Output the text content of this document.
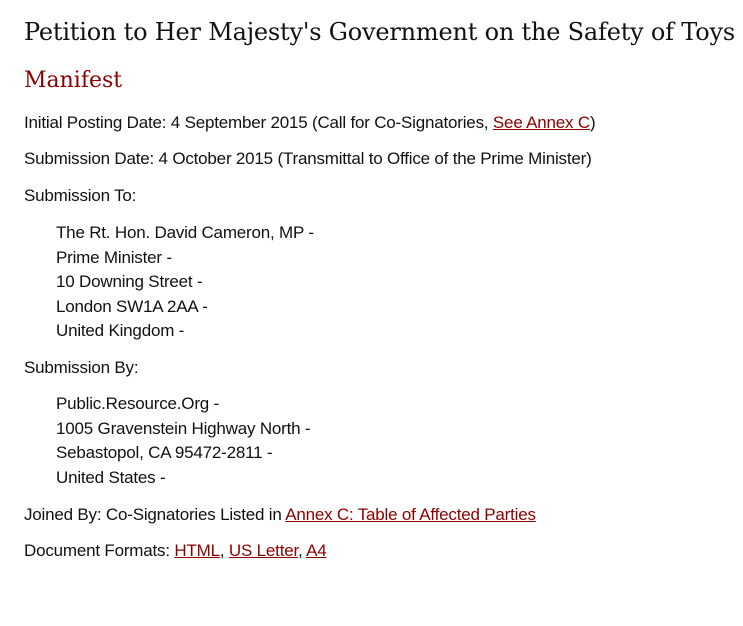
Petition to Her Majesty's Government on the Safety of Toys
Manifest
Initial Posting Date: 4 September 2015 (Call for Co-Signatories, See Annex C)
Submission Date: 4 October 2015 (Transmittal to Office of the Prime Minister)
Submission To:
The Rt. Hon. David Cameron, MP -
Prime Minister -
10 Downing Street -
London SW1A 2AA -
United Kingdom -
Submission By:
Public.Resource.Org -
1005 Gravenstein Highway North -
Sebastopol, CA 95472-2811 -
United States -
Joined By: Co-Signatories Listed in Annex C: Table of Affected Parties
Document Formats: HTML, US Letter, A4
